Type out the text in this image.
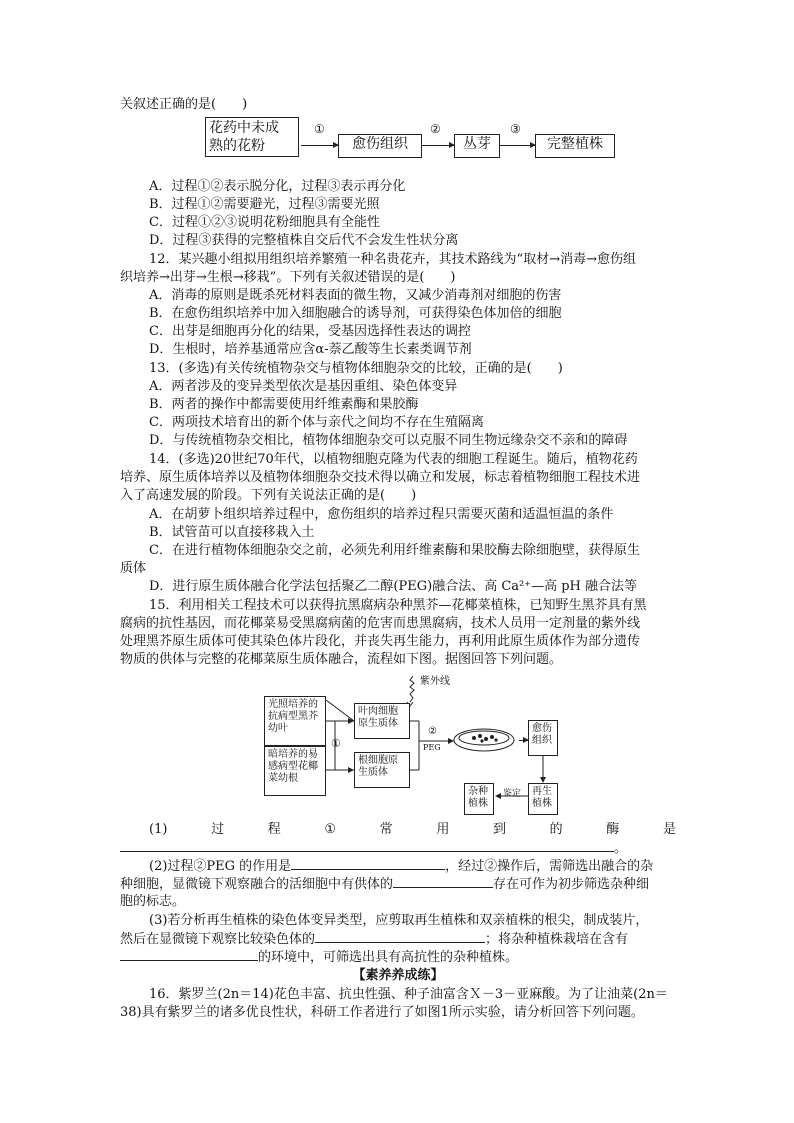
关叙述正确的是(　　)
花药中未成
熟的花粉
①
愈伤组织
②
丛芽
③
完整植株
A．过程①②表示脱分化，过程③表示再分化
B．过程①②需要避光，过程③需要光照
C．过程①②③说明花粉细胞具有全能性
D．过程③获得的完整植株自交后代不会发生性状分离
12．某兴趣小组拟用组织培养繁殖一种名贵花卉，其技术路线为“取材→消毒→愈伤组
织培养→出芽→生根→移栽”。下列有关叙述错误的是(　　)
A．消毒的原则是既杀死材料表面的微生物，又减少消毒剂对细胞的伤害
B．在愈伤组织培养中加入细胞融合的诱导剂，可获得染色体加倍的细胞
C．出芽是细胞再分化的结果，受基因选择性表达的调控
D．生根时，培养基通常应含α-萘乙酸等生长素类调节剂
13．(多选)有关传统植物杂交与植物体细胞杂交的比较，正确的是(　　)
A．两者涉及的变异类型依次是基因重组、染色体变异
B．两者的操作中都需要使用纤维素酶和果胶酶
C．两项技术培育出的新个体与亲代之间均不存在生殖隔离
D．与传统植物杂交相比，植物体细胞杂交可以克服不同生物远缘杂交不亲和的障碍
14．(多选)20世纪70年代，以植物细胞克隆为代表的细胞工程诞生。随后，植物花药
培养、原生质体培养以及植物体细胞杂交技术得以确立和发展，标志着植物细胞工程技术进
入了高速发展的阶段。下列有关说法正确的是(　　)
A．在胡萝卜组织培养过程中，愈伤组织的培养过程只需要灭菌和适温恒温的条件
B．试管苗可以直接移栽入土
C．在进行植物体细胞杂交之前，必须先利用纤维素酶和果胶酶去除细胞壁，获得原生
质体
D．进行原生质体融合化学法包括聚乙二醇(PEG)融合法、高 Ca²⁺—高 pH 融合法等
15．利用相关工程技术可以获得抗黑腐病杂种黑芥—花椰菜植株，已知野生黑芥具有黑
腐病的抗性基因，而花椰菜易受黑腐病菌的危害而患黑腐病，技术人员用一定剂量的紫外线
处理黑芥原生质体可使其染色体片段化，并丧失再生能力，再利用此原生质体作为部分遗传
物质的供体与完整的花椰菜原生质体融合，流程如下图。据图回答下列问题。
紫外线
光照培养的抗病型黑芥幼叶
暗培养的易感病型花椰菜幼根
①
叶肉细胞原生质体
根细胞原生质体
②
PEG
愈伤组织
再生植株
鉴定
杂种植株
(1)	过	程	①	常	用	到	的	酶	是
。
(2)过程②PEG 的作用是	，经过②操作后，需筛选出融合的杂
种细胞，显微镜下观察融合的活细胞中有供体的	存在可作为初步筛选杂种细
胞的标志。
(3)若分析再生植株的染色体变异类型，应剪取再生植株和双亲植株的根尖，制成装片，
然后在显微镜下观察比较染色体的	；将杂种植株栽培在含有
的环境中，可筛选出具有高抗性的杂种植株。
【素养养成练】
16．紫罗兰(2n＝14)花色丰富、抗虫性强、种子油富含Ｘ－3－亚麻酸。为了让油菜(2n＝
38)具有紫罗兰的诸多优良性状，科研工作者进行了如图1所示实验，请分析回答下列问题。
